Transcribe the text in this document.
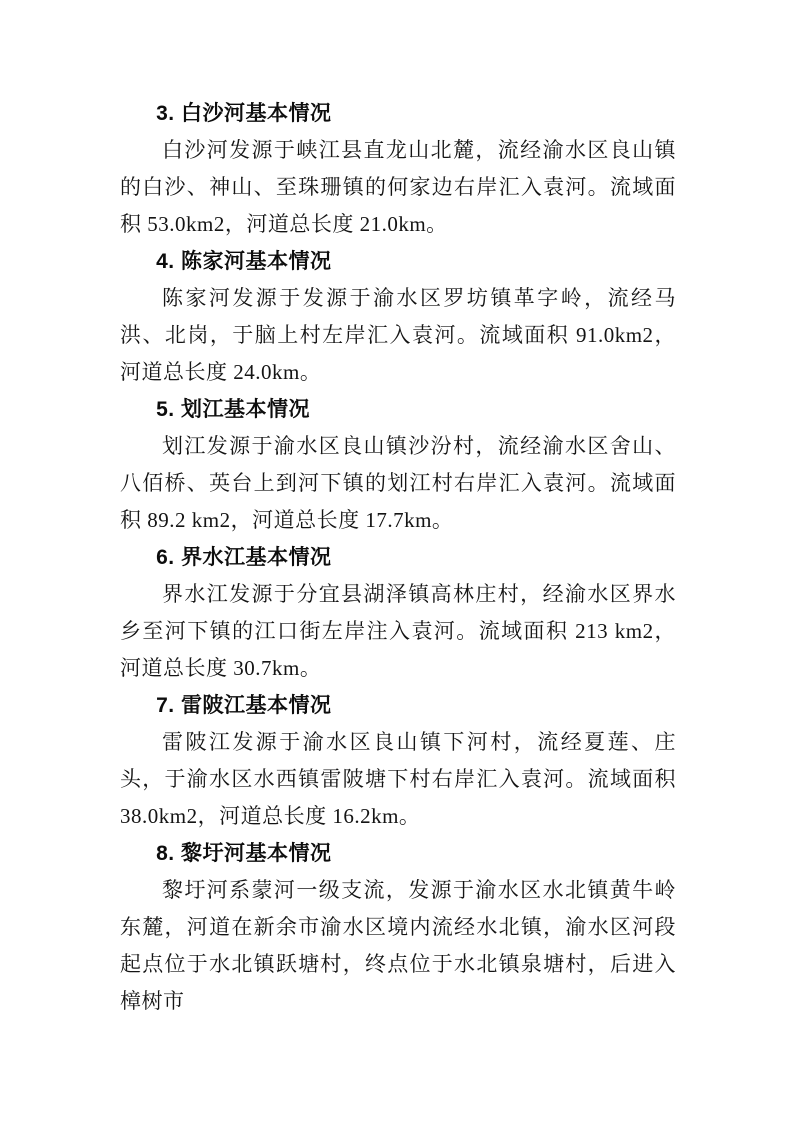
3. 白沙河基本情况

白沙河发源于峡江县直龙山北麓，流经渝水区良山镇的白沙、神山、至珠珊镇的何家边右岸汇入袁河。流域面积 53.0km2，河道总长度 21.0km。

4. 陈家河基本情况

陈家河发源于发源于渝水区罗坊镇革字岭，流经马洪、北岗，于脑上村左岸汇入袁河。流域面积 91.0km2，河道总长度 24.0km。

5. 划江基本情况

划江发源于渝水区良山镇沙汾村，流经渝水区舍山、八佰桥、英台上到河下镇的划江村右岸汇入袁河。流域面积 89.2 km2，河道总长度 17.7km。

6. 界水江基本情况

界水江发源于分宜县湖泽镇高林庄村，经渝水区界水乡至河下镇的江口街左岸注入袁河。流域面积 213 km2，河道总长度 30.7km。

7. 雷陂江基本情况

雷陂江发源于渝水区良山镇下河村，流经夏莲、庄头，于渝水区水西镇雷陂塘下村右岸汇入袁河。流域面积 38.0km2，河道总长度 16.2km。

8. 黎圩河基本情况

黎圩河系蒙河一级支流，发源于渝水区水北镇黄牛岭东麓，河道在新余市渝水区境内流经水北镇，渝水区河段起点位于水北镇跃塘村，终点位于水北镇泉塘村，后进入樟树市
